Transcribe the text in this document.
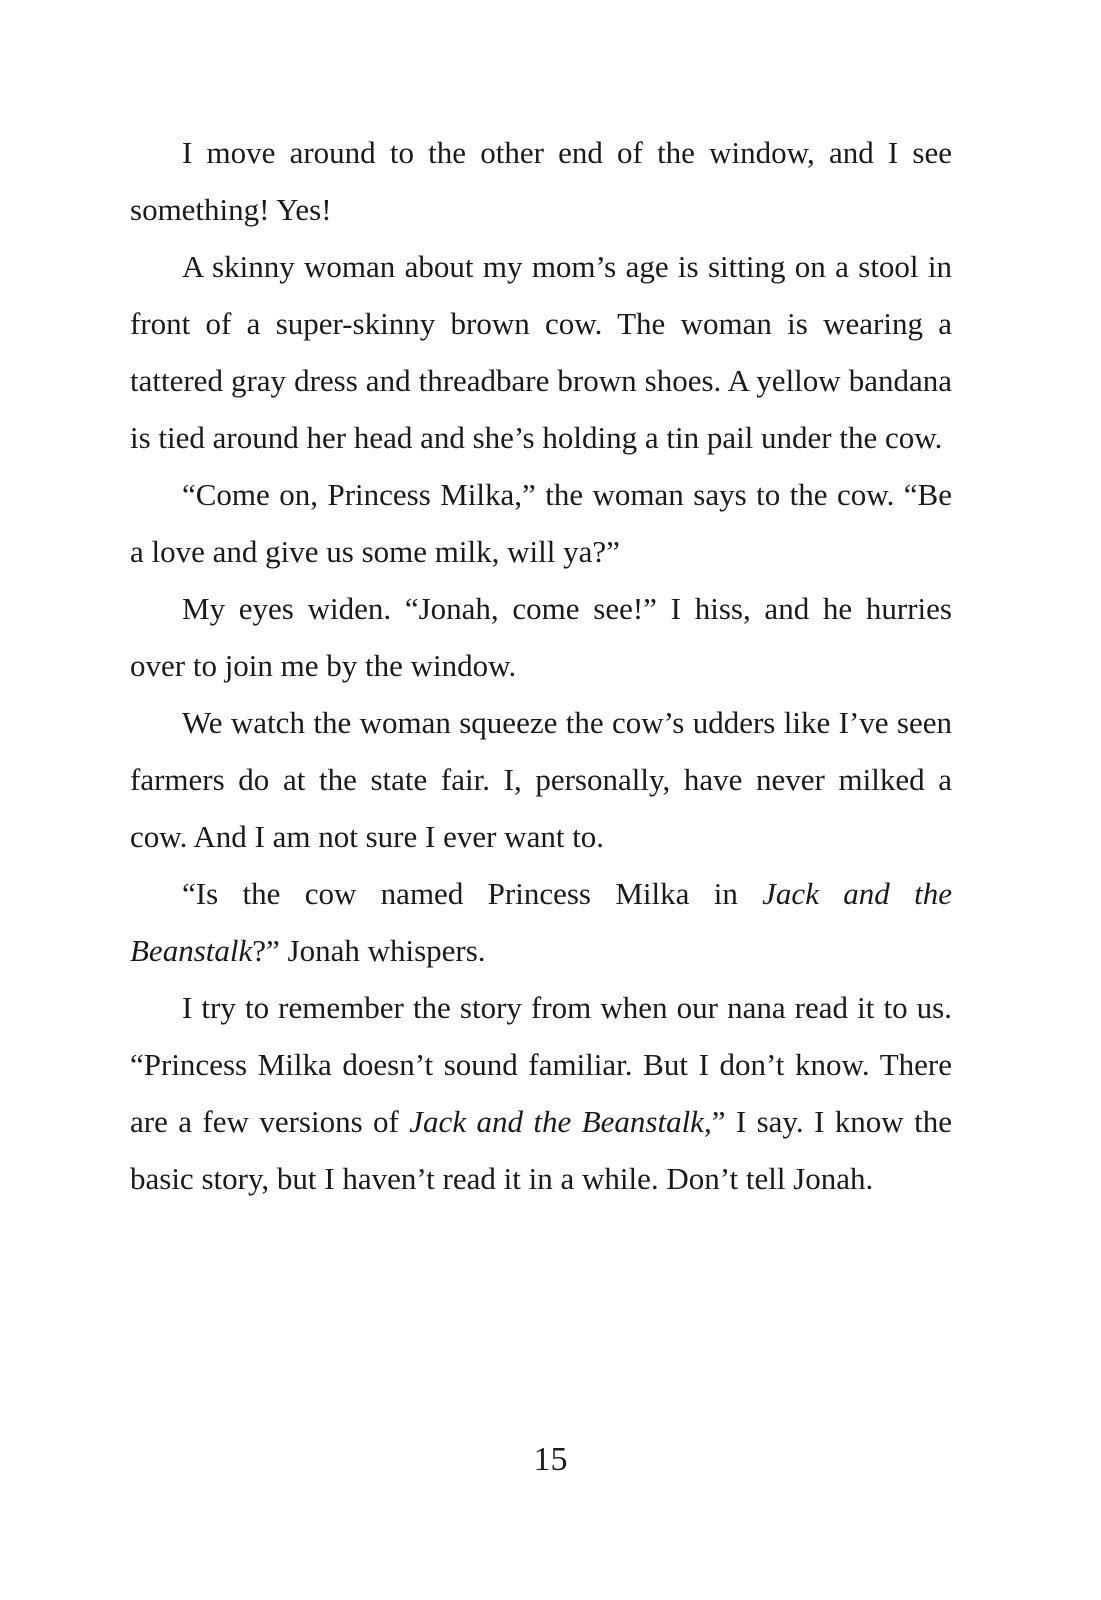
I move around to the other end of the window, and I see something! Yes!

A skinny woman about my mom’s age is sitting on a stool in front of a super-skinny brown cow. The woman is wearing a tattered gray dress and threadbare brown shoes. A yellow bandana is tied around her head and she’s holding a tin pail under the cow.

“Come on, Princess Milka,” the woman says to the cow. “Be a love and give us some milk, will ya?”

My eyes widen. “Jonah, come see!” I hiss, and he hurries over to join me by the window.

We watch the woman squeeze the cow’s udders like I’ve seen farmers do at the state fair. I, personally, have never milked a cow. And I am not sure I ever want to.

“Is the cow named Princess Milka in Jack and the Beanstalk?” Jonah whispers.

I try to remember the story from when our nana read it to us. “Princess Milka doesn’t sound familiar. But I don’t know. There are a few versions of Jack and the Beanstalk,” I say. I know the basic story, but I haven’t read it in a while. Don’t tell Jonah.

15
